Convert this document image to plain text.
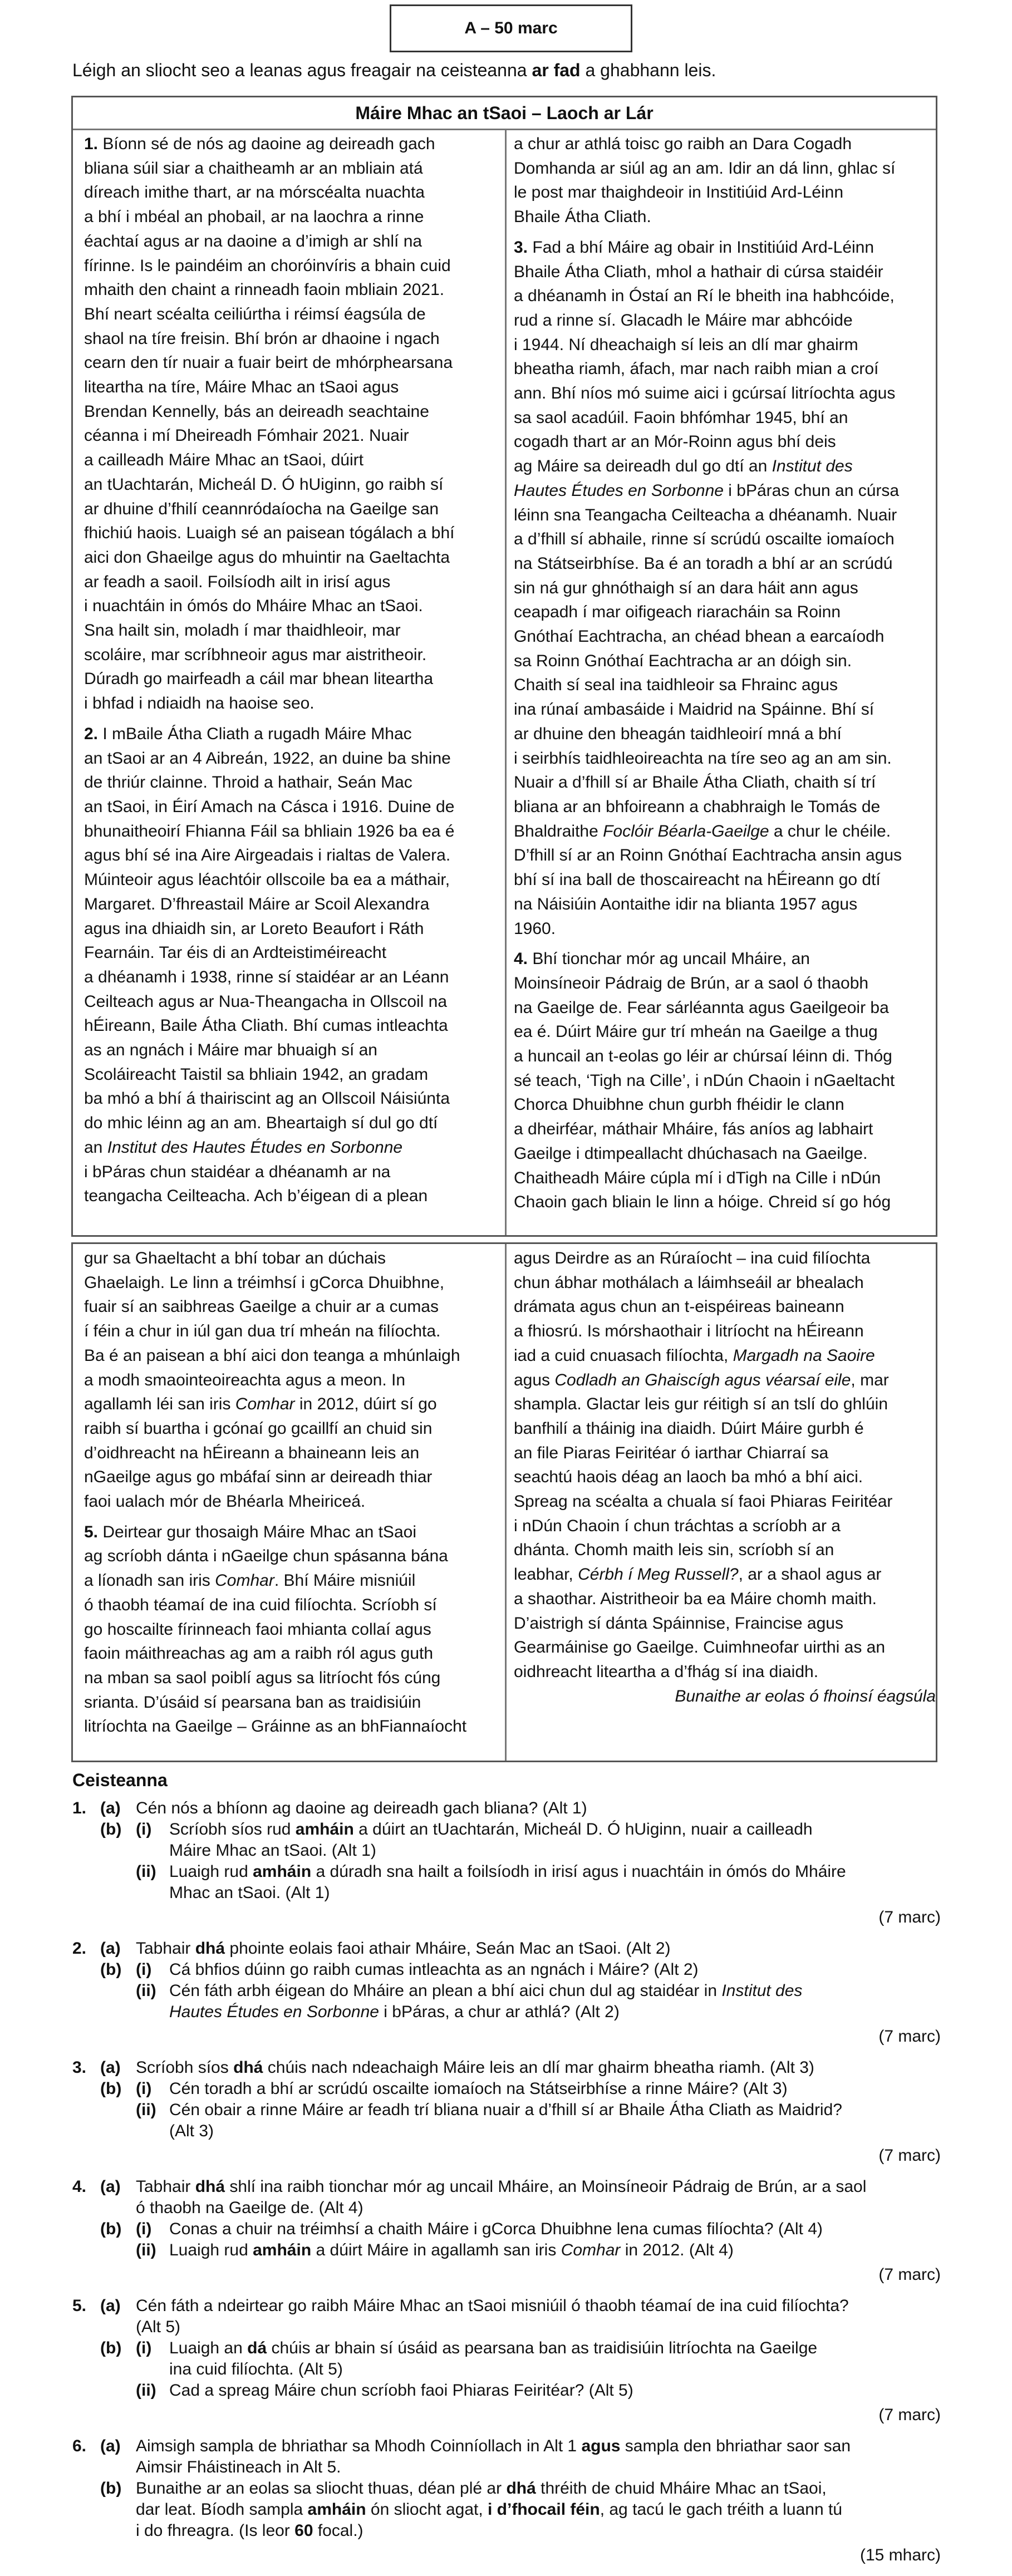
A – 50 marc
Léigh an sliocht seo a leanas agus freagair na ceisteanna ar fad a ghabhann leis.
Máire Mhac an tSaoi – Laoch ar Lár
1. Bíonn sé de nós ag daoine ag deireadh gach
bliana súil siar a chaitheamh ar an mbliain atá
díreach imithe thart, ar na mórscéalta nuachta
a bhí i mbéal an phobail, ar na laochra a rinne
éachtaí agus ar na daoine a d’imigh ar shlí na
fírinne. Is le paindéim an choróinvíris a bhain cuid
mhaith den chaint a rinneadh faoin mbliain 2021.
Bhí neart scéalta ceiliúrtha i réimsí éagsúla de
shaol na tíre freisin. Bhí brón ar dhaoine i ngach
cearn den tír nuair a fuair beirt de mhórphearsana
liteartha na tíre, Máire Mhac an tSaoi agus
Brendan Kennelly, bás an deireadh seachtaine
céanna i mí Dheireadh Fómhair 2021. Nuair
a cailleadh Máire Mhac an tSaoi, dúirt
an tUachtarán, Micheál D. Ó hUiginn, go raibh sí
ar dhuine d’fhilí ceannródaíocha na Gaeilge san
fhichiú haois. Luaigh sé an paisean tógálach a bhí
aici don Ghaeilge agus do mhuintir na Gaeltachta
ar feadh a saoil. Foilsíodh ailt in irisí agus
i nuachtáin in ómós do Mháire Mhac an tSaoi.
Sna hailt sin, moladh í mar thaidhleoir, mar
scoláire, mar scríbhneoir agus mar aistritheoir.
Dúradh go mairfeadh a cáil mar bhean liteartha
i bhfad i ndiaidh na haoise seo.
2. I mBaile Átha Cliath a rugadh Máire Mhac
an tSaoi ar an 4 Aibreán, 1922, an duine ba shine
de thriúr clainne. Throid a hathair, Seán Mac
an tSaoi, in Éirí Amach na Cásca i 1916. Duine de
bhunaitheoirí Fhianna Fáil sa bhliain 1926 ba ea é
agus bhí sé ina Aire Airgeadais i rialtas de Valera.
Múinteoir agus léachtóir ollscoile ba ea a máthair,
Margaret. D’fhreastail Máire ar Scoil Alexandra
agus ina dhiaidh sin, ar Loreto Beaufort i Ráth
Fearnáin. Tar éis di an Ardteistiméireacht
a dhéanamh i 1938, rinne sí staidéar ar an Léann
Ceilteach agus ar Nua-Theangacha in Ollscoil na
hÉireann, Baile Átha Cliath. Bhí cumas intleachta
as an ngnách i Máire mar bhuaigh sí an
Scoláireacht Taistil sa bhliain 1942, an gradam
ba mhó a bhí á thairiscint ag an Ollscoil Náisiúnta
do mhic léinn ag an am. Bheartaigh sí dul go dtí
an Institut des Hautes Études en Sorbonne
i bPáras chun staidéar a dhéanamh ar na
teangacha Ceilteacha. Ach b’éigean di a plean
a chur ar athlá toisc go raibh an Dara Cogadh
Domhanda ar siúl ag an am. Idir an dá linn, ghlac sí
le post mar thaighdeoir in Institiúid Ard-Léinn
Bhaile Átha Cliath.
3. Fad a bhí Máire ag obair in Institiúid Ard-Léinn
Bhaile Átha Cliath, mhol a hathair di cúrsa staidéir
a dhéanamh in Óstaí an Rí le bheith ina habhcóide,
rud a rinne sí. Glacadh le Máire mar abhcóide
i 1944. Ní dheachaigh sí leis an dlí mar ghairm
bheatha riamh, áfach, mar nach raibh mian a croí
ann. Bhí níos mó suime aici i gcúrsaí litríochta agus
sa saol acadúil. Faoin bhfómhar 1945, bhí an
cogadh thart ar an Mór-Roinn agus bhí deis
ag Máire sa deireadh dul go dtí an Institut des
Hautes Études en Sorbonne i bPáras chun an cúrsa
léinn sna Teangacha Ceilteacha a dhéanamh. Nuair
a d’fhill sí abhaile, rinne sí scrúdú oscailte iomaíoch
na Státseirbhíse. Ba é an toradh a bhí ar an scrúdú
sin ná gur ghnóthaigh sí an dara háit ann agus
ceapadh í mar oifigeach riaracháin sa Roinn
Gnóthaí Eachtracha, an chéad bhean a earcaíodh
sa Roinn Gnóthaí Eachtracha ar an dóigh sin.
Chaith sí seal ina taidhleoir sa Fhrainc agus
ina rúnaí ambasáide i Maidrid na Spáinne. Bhí sí
ar dhuine den bheagán taidhleoirí mná a bhí
i seirbhís taidhleoireachta na tíre seo ag an am sin.
Nuair a d’fhill sí ar Bhaile Átha Cliath, chaith sí trí
bliana ar an bhfoireann a chabhraigh le Tomás de
Bhaldraithe Foclóir Béarla-Gaeilge a chur le chéile.
D’fhill sí ar an Roinn Gnóthaí Eachtracha ansin agus
bhí sí ina ball de thoscaireacht na hÉireann go dtí
na Náisiúin Aontaithe idir na blianta 1957 agus
1960.
4. Bhí tionchar mór ag uncail Mháire, an
Moinsíneoir Pádraig de Brún, ar a saol ó thaobh
na Gaeilge de. Fear sárléannta agus Gaeilgeoir ba
ea é. Dúirt Máire gur trí mheán na Gaeilge a thug
a huncail an t-eolas go léir ar chúrsaí léinn di. Thóg
sé teach, ‘Tigh na Cille’, i nDún Chaoin i nGaeltacht
Chorca Dhuibhne chun gurbh fhéidir le clann
a dheirféar, máthair Mháire, fás aníos ag labhairt
Gaeilge i dtimpeallacht dhúchasach na Gaeilge.
Chaitheadh Máire cúpla mí i dTigh na Cille i nDún
Chaoin gach bliain le linn a hóige. Chreid sí go hóg
gur sa Ghaeltacht a bhí tobar an dúchais
Ghaelaigh. Le linn a tréimhsí i gCorca Dhuibhne,
fuair sí an saibhreas Gaeilge a chuir ar a cumas
í féin a chur in iúl gan dua trí mheán na filíochta.
Ba é an paisean a bhí aici don teanga a mhúnlaigh
a modh smaointeoireachta agus a meon. In
agallamh léi san iris Comhar in 2012, dúirt sí go
raibh sí buartha i gcónaí go gcaillfí an chuid sin
d’oidhreacht na hÉireann a bhaineann leis an
nGaeilge agus go mbáfaí sinn ar deireadh thiar
faoi ualach mór de Bhéarla Mheiriceá.
5. Deirtear gur thosaigh Máire Mhac an tSaoi
ag scríobh dánta i nGaeilge chun spásanna bána
a líonadh san iris Comhar. Bhí Máire misniúil
ó thaobh téamaí de ina cuid filíochta. Scríobh sí
go hoscailte fírinneach faoi mhianta collaí agus
faoin máithreachas ag am a raibh ról agus guth
na mban sa saol poiblí agus sa litríocht fós cúng
srianta. D’úsáid sí pearsana ban as traidisiúin
litríochta na Gaeilge – Gráinne as an bhFiannaíocht
agus Deirdre as an Rúraíocht – ina cuid filíochta
chun ábhar mothálach a láimhseáil ar bhealach
drámata agus chun an t-eispéireas baineann
a fhiosrú. Is mórshaothair i litríocht na hÉireann
iad a cuid cnuasach filíochta, Margadh na Saoire
agus Codladh an Ghaiscígh agus véarsaí eile, mar
shampla. Glactar leis gur réitigh sí an tslí do ghlúin
banfhilí a tháinig ina diaidh. Dúirt Máire gurbh é
an file Piaras Feiritéar ó iarthar Chiarraí sa
seachtú haois déag an laoch ba mhó a bhí aici.
Spreag na scéalta a chuala sí faoi Phiaras Feiritéar
i nDún Chaoin í chun tráchtas a scríobh ar a
dhánta. Chomh maith leis sin, scríobh sí an
leabhar, Cérbh í Meg Russell?, ar a shaol agus ar
a shaothar. Aistritheoir ba ea Máire chomh maith.
D’aistrigh sí dánta Spáinnise, Fraincise agus
Gearmáinise go Gaeilge. Cuimhneofar uirthi as an
oidhreacht liteartha a d’fhág sí ina diaidh.
Bunaithe ar eolas ó fhoinsí éagsúla
Ceisteanna
1. (a) Cén nós a bhíonn ag daoine ag deireadh gach bliana? (Alt 1)
(b) (i)	Scríobh síos rud amháin a dúirt an tUachtarán, Micheál D. Ó hUiginn, nuair a cailleadh
Máire Mhac an tSaoi. (Alt 1)
(ii) Luaigh rud amháin a dúradh sna hailt a foilsíodh in irisí agus i nuachtáin in ómós do Mháire
Mhac an tSaoi. (Alt 1)
(7 marc)
2. (a) Tabhair dhá phointe eolais faoi athair Mháire, Seán Mac an tSaoi. (Alt 2)
(b) (i)	Cá bhfios dúinn go raibh cumas intleachta as an ngnách i Máire? (Alt 2)
(ii) Cén fáth arbh éigean do Mháire an plean a bhí aici chun dul ag staidéar in Institut des
Hautes Études en Sorbonne i bPáras, a chur ar athlá? (Alt 2)
(7 marc)
3. (a) Scríobh síos dhá chúis nach ndeachaigh Máire leis an dlí mar ghairm bheatha riamh. (Alt 3)
(b) (i)	Cén toradh a bhí ar scrúdú oscailte iomaíoch na Státseirbhíse a rinne Máire? (Alt 3)
(ii) Cén obair a rinne Máire ar feadh trí bliana nuair a d’fhill sí ar Bhaile Átha Cliath as Maidrid?
(Alt 3)
(7 marc)
4. (a) Tabhair dhá shlí ina raibh tionchar mór ag uncail Mháire, an Moinsíneoir Pádraig de Brún, ar a saol
ó thaobh na Gaeilge de. (Alt 4)
(b) (i)	Conas a chuir na tréimhsí a chaith Máire i gCorca Dhuibhne lena cumas filíochta? (Alt 4)
(ii) Luaigh rud amháin a dúirt Máire in agallamh san iris Comhar in 2012. (Alt 4)
(7 marc)
5. (a) Cén fáth a ndeirtear go raibh Máire Mhac an tSaoi misniúil ó thaobh téamaí de ina cuid filíochta?
(Alt 5)
(b) (i)	Luaigh an dá chúis ar bhain sí úsáid as pearsana ban as traidisiúin litríochta na Gaeilge
ina cuid filíochta. (Alt 5)
(ii) Cad a spreag Máire chun scríobh faoi Phiaras Feiritéar? (Alt 5)
(7 marc)
6. (a) Aimsigh sampla de bhriathar sa Mhodh Coinníollach in Alt 1 agus sampla den bhriathar saor san
Aimsir Fháistineach in Alt 5.
(b) Bunaithe ar an eolas sa sliocht thuas, déan plé ar dhá thréith de chuid Mháire Mhac an tSaoi,
dar leat. Bíodh sampla amháin ón sliocht agat, i d’fhocail féin, ag tacú le gach tréith a luann tú
i do fhreagra. (Is leor 60 focal.)
(15 mharc)
